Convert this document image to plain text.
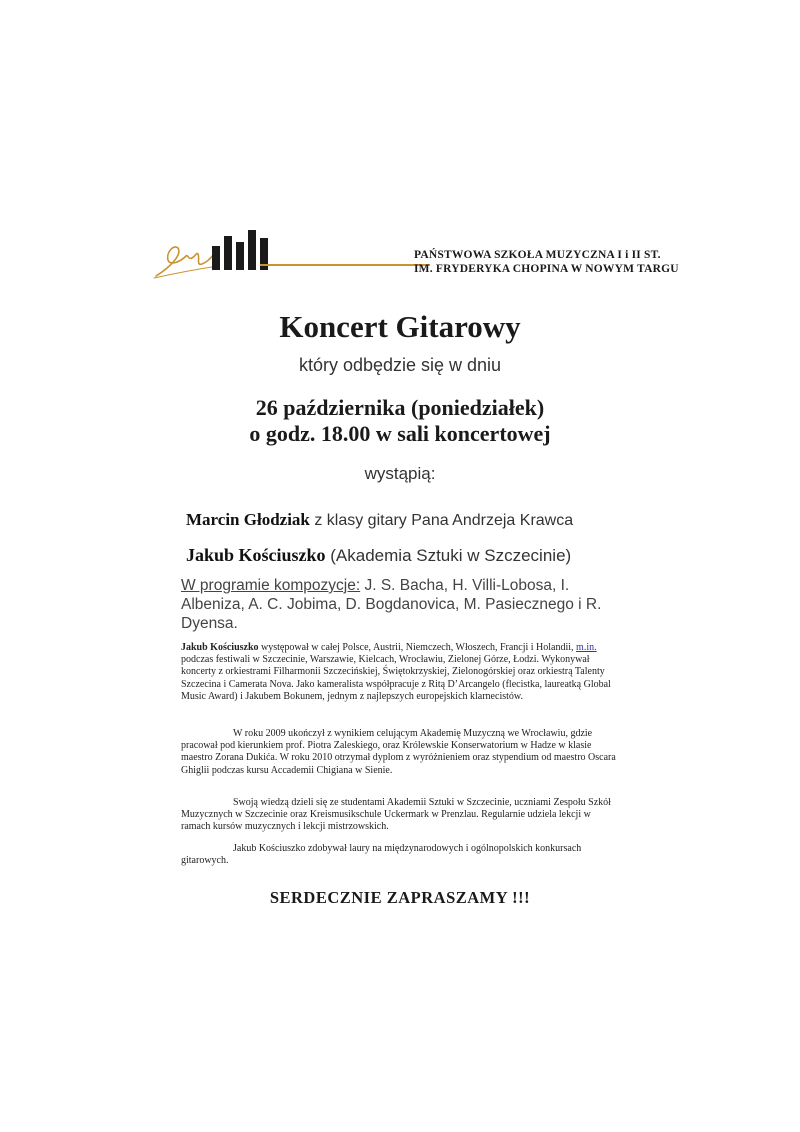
PAŃSTWOWA SZKOŁA MUZYCZNA I i II ST.
IM. FRYDERYKA CHOPINA W NOWYM TARGU
Koncert Gitarowy
który odbędzie się w dniu
26 października (poniedziałek)
o godz. 18.00 w sali koncertowej
wystąpią:
Marcin Głodziak z klasy gitary Pana Andrzeja Krawca
Jakub Kościuszko (Akademia Sztuki w Szczecinie)
W programie kompozycje: J. S. Bacha, H. Villi-Lobosa, I. Albeniza, A. C. Jobima, D. Bogdanovica, M. Pasiecznego i R. Dyensa.
Jakub Kościuszko występował w całej Polsce, Austrii, Niemczech, Włoszech, Francji i Holandii, m.in. podczas festiwali w Szczecinie, Warszawie, Kielcach, Wrocławiu, Zielonej Górze, Łodzi. Wykonywał koncerty z orkiestrami Filharmonii Szczecińskiej, Świętokrzyskiej, Zielonogórskiej oraz orkiestrą Talenty Szczecina i Camerata Nova. Jako kameralista współpracuje z Ritą D’Arcangelo (flecistka, laureatką Global Music Award) i Jakubem Bokunem, jednym z najlepszych europejskich klarnecistów.
W roku 2009 ukończył z wynikiem celującym Akademię Muzyczną we Wrocławiu, gdzie pracował pod kierunkiem prof. Piotra Zaleskiego, oraz Królewskie Konserwatorium w Hadze w klasie maestro Zorana Dukića. W roku 2010 otrzymał dyplom z wyróżnieniem oraz stypendium od maestro Oscara Ghiglii podczas kursu Accademii Chigiana w Sienie.
Swoją wiedzą dzieli się ze studentami Akademii Sztuki w Szczecinie, uczniami Zespołu Szkół Muzycznych w Szczecinie oraz Kreismusikschule Uckermark w Prenzlau. Regularnie udziela lekcji w ramach kursów muzycznych i lekcji mistrzowskich.
Jakub Kościuszko zdobywał laury na międzynarodowych i ogólnopolskich konkursach gitarowych.
SERDECZNIE ZAPRASZAMY !!!
